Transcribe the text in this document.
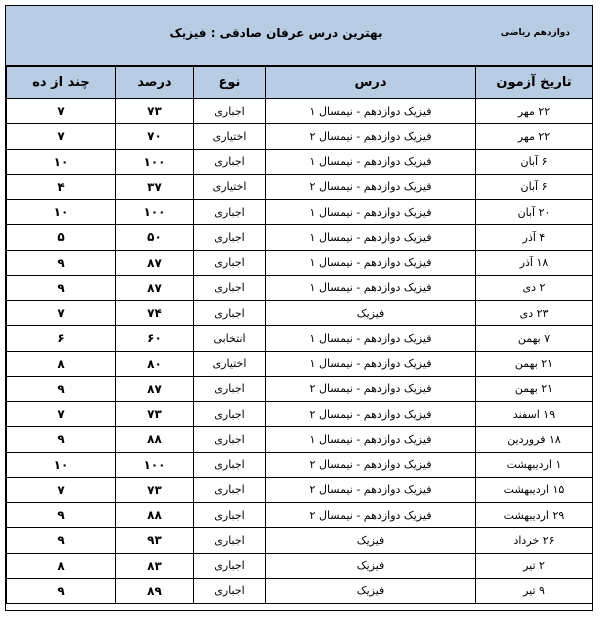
بهترین درس عرفان صادقی : فیزیک	دوازدهم ریاضی
تاریخ آزمون	درس	نوع	درصد	چند از ده
۲۲ مهر	فیزیک دوازدهم - نیمسال ۱	اجباری	۷۳	۷
۲۲ مهر	فیزیک دوازدهم - نیمسال ۲	اختیاری	۷۰	۷
۶ آبان	فیزیک دوازدهم - نیمسال ۱	اجباری	۱۰۰	۱۰
۶ آبان	فیزیک دوازدهم - نیمسال ۲	اختیاری	۳۷	۴
۲۰ آبان	فیزیک دوازدهم - نیمسال ۱	اجباری	۱۰۰	۱۰
۴ آذر	فیزیک دوازدهم - نیمسال ۱	اجباری	۵۰	۵
۱۸ آذر	فیزیک دوازدهم - نیمسال ۱	اجباری	۸۷	۹
۲ دی	فیزیک دوازدهم - نیمسال ۱	اجباری	۸۷	۹
۲۳ دی	فیزیک	اجباری	۷۴	۷
۷ بهمن	فیزیک دوازدهم - نیمسال ۱	انتخابی	۶۰	۶
۲۱ بهمن	فیزیک دوازدهم - نیمسال ۱	اختیاری	۸۰	۸
۲۱ بهمن	فیزیک دوازدهم - نیمسال ۲	اجباری	۸۷	۹
۱۹ اسفند	فیزیک دوازدهم - نیمسال ۲	اجباری	۷۳	۷
۱۸ فروردین	فیزیک دوازدهم - نیمسال ۱	اجباری	۸۸	۹
۱ اردیبهشت	فیزیک دوازدهم - نیمسال ۲	اجباری	۱۰۰	۱۰
۱۵ اردیبهشت	فیزیک دوازدهم - نیمسال ۲	اجباری	۷۳	۷
۲۹ اردیبهشت	فیزیک دوازدهم - نیمسال ۲	اجباری	۸۸	۹
۲۶ خرداد	فیزیک	اجباری	۹۳	۹
۲ تیر	فیزیک	اجباری	۸۳	۸
۹ تیر	فیزیک	اجباری	۸۹	۹
